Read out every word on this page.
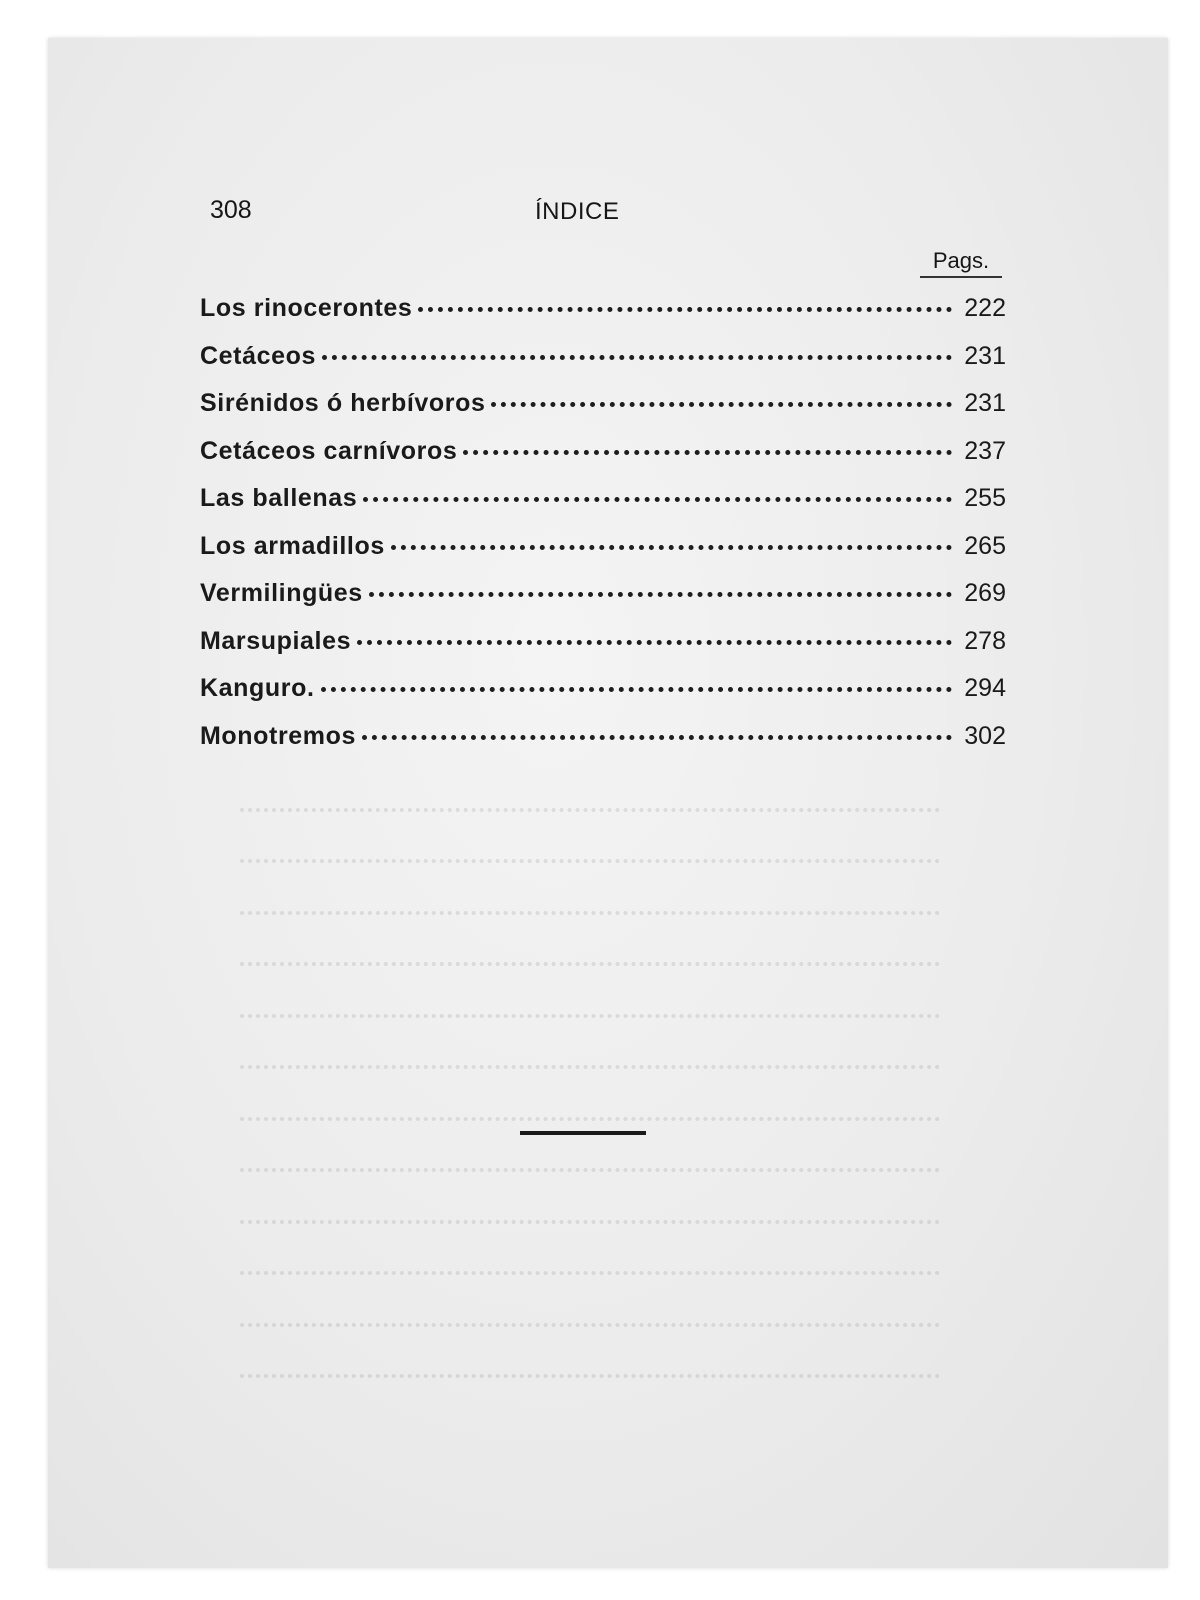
308	ÍNDICE
Pags.
Los rinocerontes	222
Cetáceos	231
Sirénidos ó herbívoros	231
Cetáceos carnívoros	237
Las ballenas	255
Los armadillos	265
Vermilingües	269
Marsupiales	278
Kanguro.	294
Monotremos	302
